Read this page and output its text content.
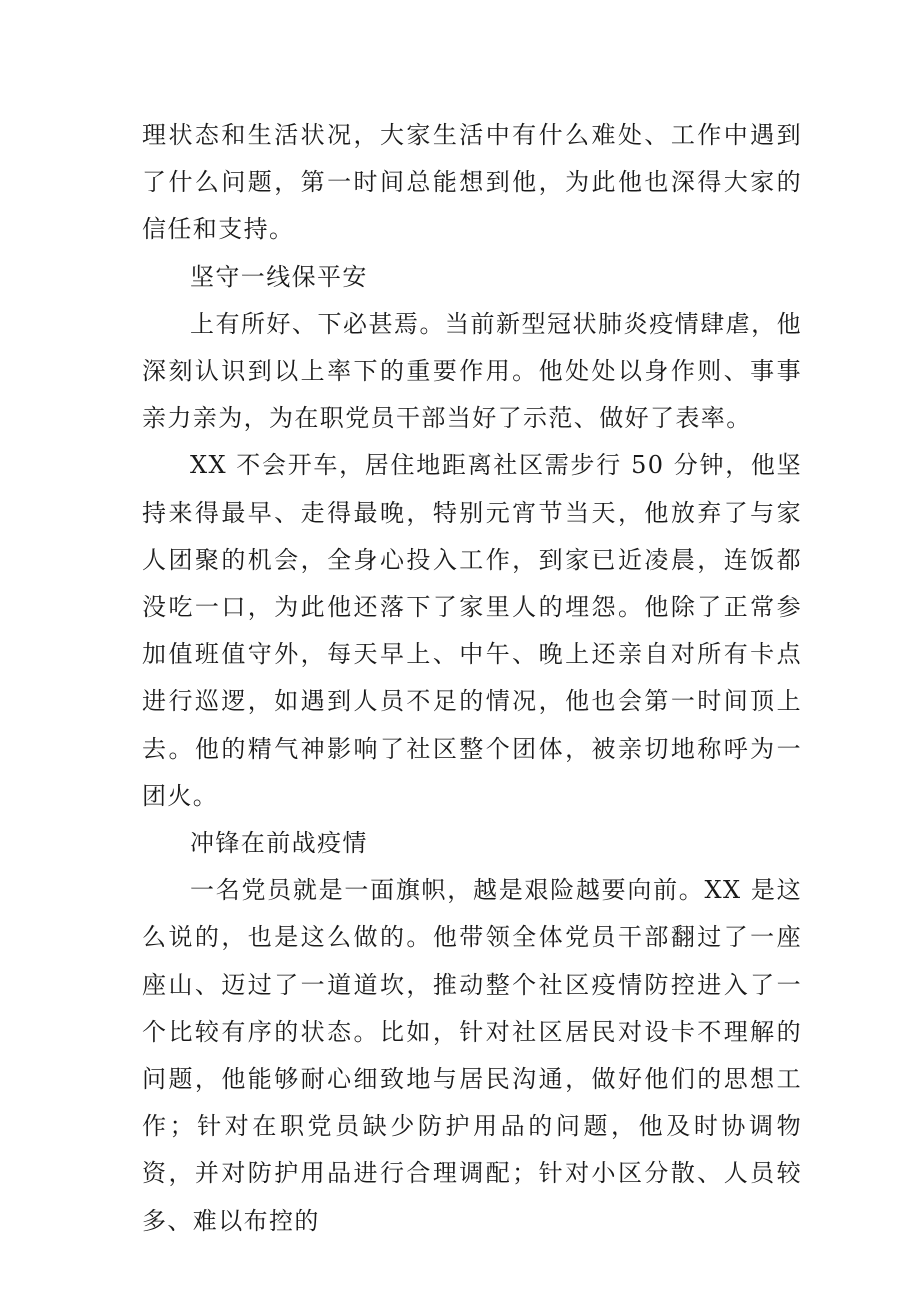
理状态和生活状况，大家生活中有什么难处、工作中遇到了什么问题，第一时间总能想到他，为此他也深得大家的信任和支持。

坚守一线保平安

上有所好、下必甚焉。当前新型冠状肺炎疫情肆虐，他深刻认识到以上率下的重要作用。他处处以身作则、事事亲力亲为，为在职党员干部当好了示范、做好了表率。

XX 不会开车，居住地距离社区需步行 50 分钟，他坚持来得最早、走得最晚，特别元宵节当天，他放弃了与家人团聚的机会，全身心投入工作，到家已近凌晨，连饭都没吃一口，为此他还落下了家里人的埋怨。他除了正常参加值班值守外，每天早上、中午、晚上还亲自对所有卡点进行巡逻，如遇到人员不足的情况，他也会第一时间顶上去。他的精气神影响了社区整个团体，被亲切地称呼为一团火。

冲锋在前战疫情

一名党员就是一面旗帜，越是艰险越要向前。XX 是这么说的，也是这么做的。他带领全体党员干部翻过了一座座山、迈过了一道道坎，推动整个社区疫情防控进入了一个比较有序的状态。比如，针对社区居民对设卡不理解的问题，他能够耐心细致地与居民沟通，做好他们的思想工作；针对在职党员缺少防护用品的问题，他及时协调物资，并对防护用品进行合理调配；针对小区分散、人员较多、难以布控的
